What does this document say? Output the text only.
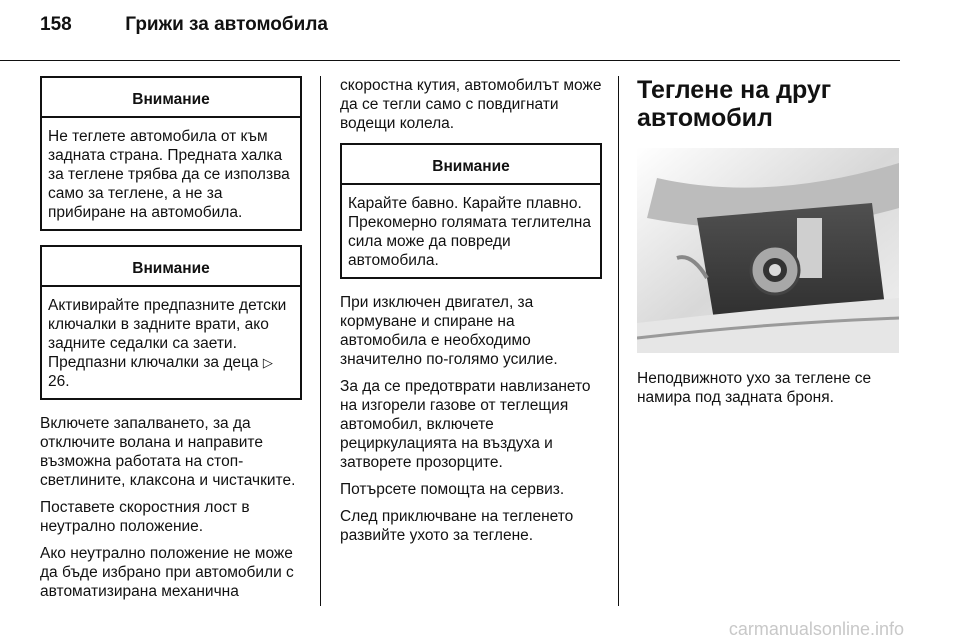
158	Грижи за автомобила
Внимание
Не теглете автомобила от към задната страна. Предната халка за теглене трябва да се използва само за теглене, а не за прибиране на автомобила.
Внимание
Активирайте предпазните детски ключалки в задните врати, ако задните седалки са заети. Предпазни ключалки за деца ▷ 26.

Включете запалването, за да отключите волана и направите възможна работата на стоп-светлините, клаксона и чистачките.

Поставете скоростния лост в неутрално положение.

Ако неутрално положение не може да бъде избрано при автомобили с автоматизирана механична

скоростна кутия, автомобилът може да се тегли само с повдигнати водещи колела.

Внимание
Карайте бавно. Карайте плавно. Прекомерно голямата теглителна сила може да повреди автомобила.

При изключен двигател, за кормуване и спиране на автомобила е необходимо значително по-голямо усилие.

За да се предотврати навлизането на изгорели газове от теглещия автомобил, включете рециркулацията на въздуха и затворете прозорците.

Потърсете помощта на сервиз.

След приключване на тегленето развийте ухото за теглене.

Теглене на друг автомобил

Неподвижното ухо за теглене се намира под задната броня.

carmanualsonline.info
